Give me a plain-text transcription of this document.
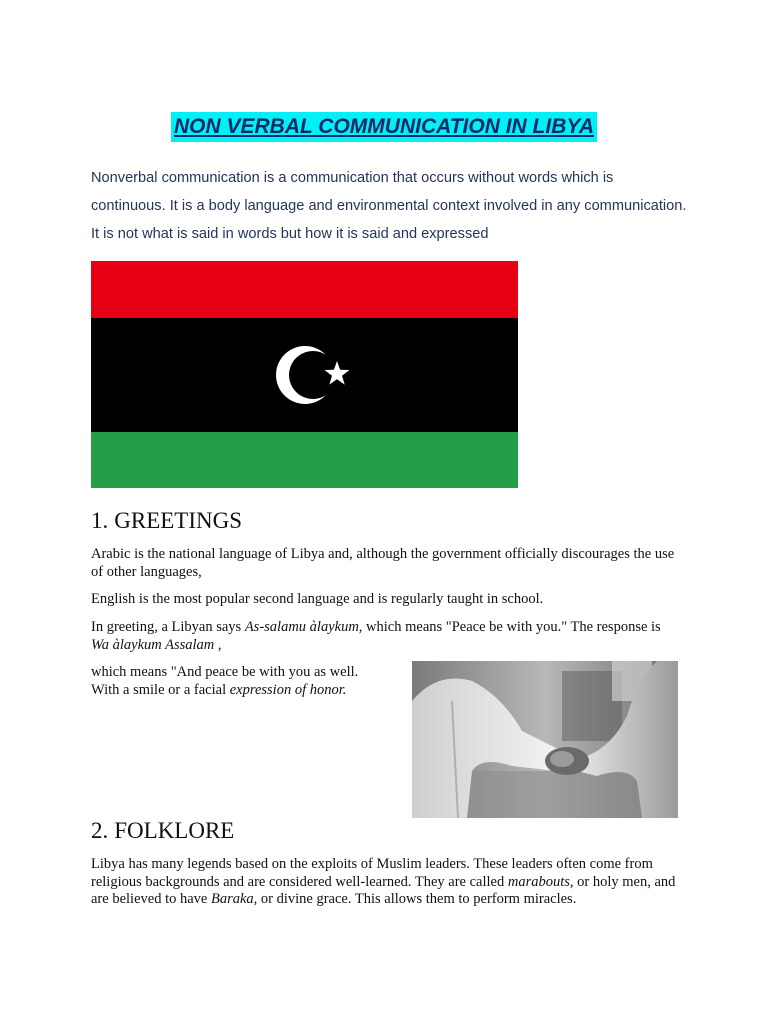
NON VERBAL COMMUNICATION IN LIBYA

Nonverbal communication is a communication that occurs without words which is continuous. It is a body language and environmental context involved in any communication. It is not what is said in words but how it is said and expressed

1. GREETINGS

Arabic is the national language of Libya and, although the government officially discourages the use of other languages,

English is the most popular second language and is regularly taught in school.

In greeting, a Libyan says As-salamu àlaykum, which means "Peace be with you." The response is Wa àlaykum Assalam ,

which means "And peace be with you as well.
With a smile or a facial expression of honor.

2. FOLKLORE

Libya has many legends based on the exploits of Muslim leaders. These leaders often come from religious backgrounds and are considered well-learned. They are called marabouts, or holy men, and are believed to have Baraka, or divine grace. This allows them to perform miracles.
